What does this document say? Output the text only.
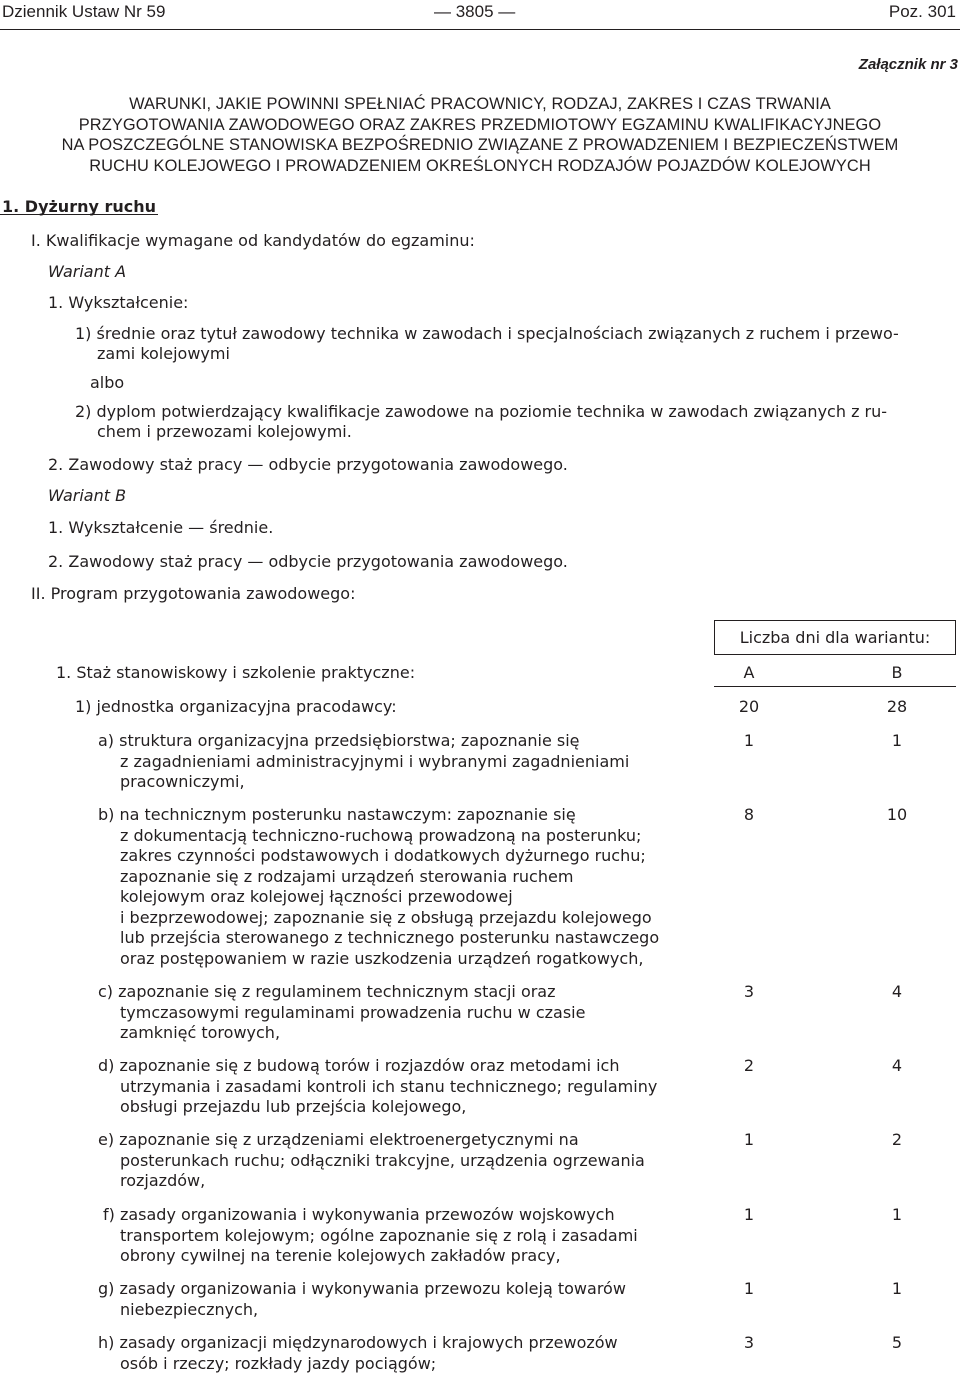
Dziennik Ustaw Nr 59	— 3805 —	Poz. 301
Załącznik nr 3
WARUNKI, JAKIE POWINNI SPEŁNIAĆ PRACOWNICY, RODZAJ, ZAKRES I CZAS TRWANIA
PRZYGOTOWANIA ZAWODOWEGO ORAZ ZAKRES PRZEDMIOTOWY EGZAMINU KWALIFIKACYJNEGO
NA POSZCZEGÓLNE STANOWISKA BEZPOŚREDNIO ZWIĄZANE Z PROWADZENIEM I BEZPIECZEŃSTWEM
RUCHU KOLEJOWEGO I PROWADZENIEM OKREŚLONYCH RODZAJÓW POJAZDÓW KOLEJOWYCH
1. Dyżurny ruchu
I. Kwalifikacje wymagane od kandydatów do egzaminu:
Wariant A
1. Wykształcenie:
1) średnie oraz tytuł zawodowy technika w zawodach i specjalnościach związanych z ruchem i przewo-
zami kolejowymi
albo
2) dyplom potwierdzający kwalifikacje zawodowe na poziomie technika w zawodach związanych z ru-
chem i przewozami kolejowymi.
2. Zawodowy staż pracy — odbycie przygotowania zawodowego.
Wariant B
1. Wykształcenie — średnie.
2. Zawodowy staż pracy — odbycie przygotowania zawodowego.
II. Program przygotowania zawodowego:
Liczba dni dla wariantu:
1. Staż stanowiskowy i szkolenie praktyczne:	A	B
1) jednostka organizacyjna pracodawcy:	20	28
a) struktura organizacyjna przedsiębiorstwa; zapoznanie się
z zagadnieniami administracyjnymi i wybranymi zagadnieniami
pracowniczymi,
1	1
b) na technicznym posterunku nastawczym: zapoznanie się
z dokumentacją techniczno-ruchową prowadzoną na posterunku;
zakres czynności podstawowych i dodatkowych dyżurnego ruchu;
zapoznanie się z rodzajami urządzeń sterowania ruchem
kolejowym oraz kolejowej łączności przewodowej
i bezprzewodowej; zapoznanie się z obsługą przejazdu kolejowego
lub przejścia sterowanego z technicznego posterunku nastawczego
oraz postępowaniem w razie uszkodzenia urządzeń rogatkowych,
8	10
c) zapoznanie się z regulaminem technicznym stacji oraz
tymczasowymi regulaminami prowadzenia ruchu w czasie
zamknięć torowych,
3	4
d) zapoznanie się z budową torów i rozjazdów oraz metodami ich
utrzymania i zasadami kontroli ich stanu technicznego; regulaminy
obsługi przejazdu lub przejścia kolejowego,
2	4
e) zapoznanie się z urządzeniami elektroenergetycznymi na
posterunkach ruchu; odłączniki trakcyjne, urządzenia ogrzewania
rozjazdów,
1	2
f) zasady organizowania i wykonywania przewozów wojskowych
transportem kolejowym; ogólne zapoznanie się z rolą i zasadami
obrony cywilnej na terenie kolejowych zakładów pracy,
1	1
g) zasady organizowania i wykonywania przewozu koleją towarów
niebezpiecznych,
1	1
h) zasady organizacji międzynarodowych i krajowych przewozów
osób i rzeczy; rozkłady jazdy pociągów;
3	5
